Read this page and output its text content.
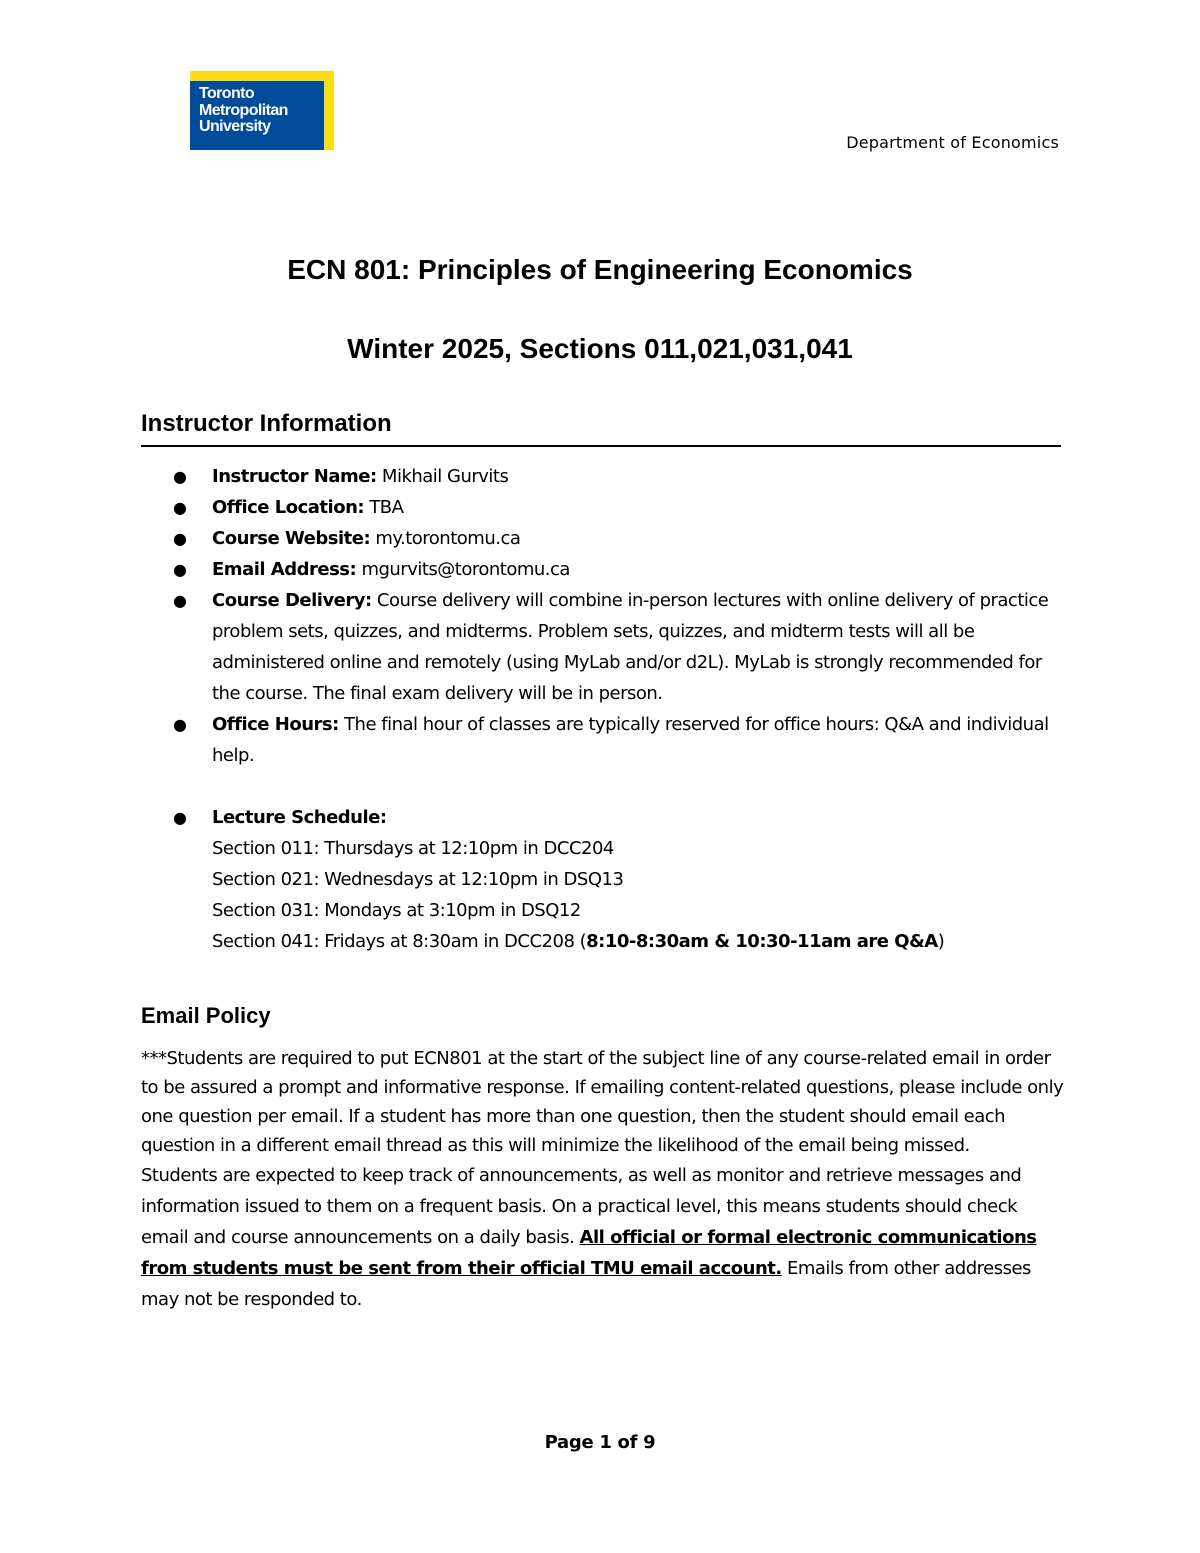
Toronto
Metropolitan
University
Department of Economics
ECN 801: Principles of Engineering Economics
Winter 2025, Sections 011,021,031,041
Instructor Information
● Instructor Name: Mikhail Gurvits
● Office Location: TBA
● Course Website: my.torontomu.ca
● Email Address: mgurvits@torontomu.ca
● Course Delivery: Course delivery will combine in-person lectures with online delivery of practice problem sets, quizzes, and midterms. Problem sets, quizzes, and midterm tests will all be administered online and remotely (using MyLab and/or d2L). MyLab is strongly recommended for the course. The final exam delivery will be in person.
● Office Hours: The final hour of classes are typically reserved for office hours: Q&A and individual help.
● Lecture Schedule:
Section 011: Thursdays at 12:10pm in DCC204
Section 021: Wednesdays at 12:10pm in DSQ13
Section 031: Mondays at 3:10pm in DSQ12
Section 041: Fridays at 8:30am in DCC208 (8:10-8:30am & 10:30-11am are Q&A)
Email Policy

***Students are required to put ECN801 at the start of the subject line of any course-related email in order to be assured a prompt and informative response. If emailing content-related questions, please include only one question per email. If a student has more than one question, then the student should email each question in a different email thread as this will minimize the likelihood of the email being missed.

Students are expected to keep track of announcements, as well as monitor and retrieve messages and information issued to them on a frequent basis. On a practical level, this means students should check email and course announcements on a daily basis. All official or formal electronic communications from students must be sent from their official TMU email account. Emails from other addresses may not be responded to.

Page 1 of 9
